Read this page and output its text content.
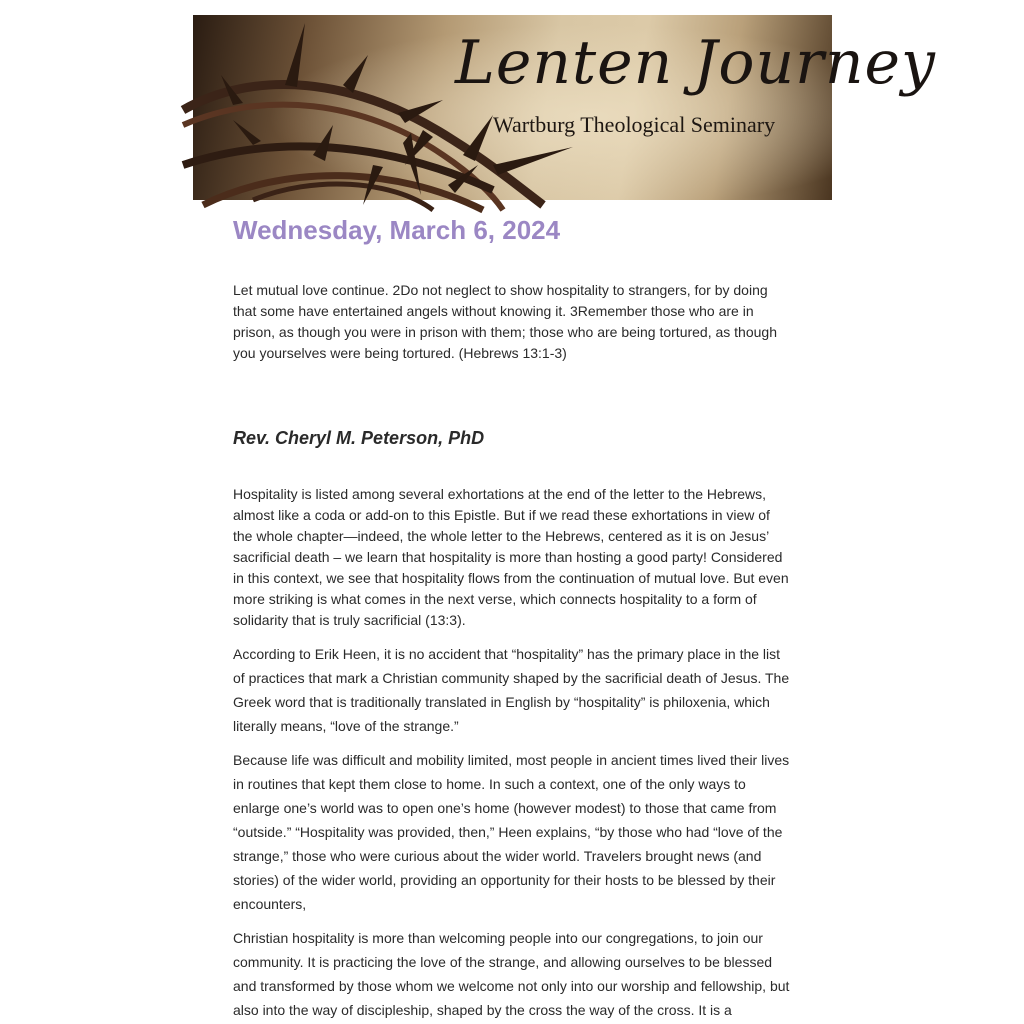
Lenten Journey
Wartburg Theological Seminary
Wednesday, March 6, 2024

Let mutual love continue. 2Do not neglect to show hospitality to strangers, for by doing that some have entertained angels without knowing it. 3Remember those who are in prison, as though you were in prison with them; those who are being tortured, as though you yourselves were being tortured. (Hebrews 13:1-3)

Rev. Cheryl M. Peterson, PhD

Hospitality is listed among several exhortations at the end of the letter to the Hebrews, almost like a coda or add-on to this Epistle. But if we read these exhortations in view of the whole chapter—indeed, the whole letter to the Hebrews, centered as it is on Jesus’ sacrificial death – we learn that hospitality is more than hosting a good party! Considered in this context, we see that hospitality flows from the continuation of mutual love. But even more striking is what comes in the next verse, which connects hospitality to a form of solidarity that is truly sacrificial (13:3).

According to Erik Heen, it is no accident that “hospitality” has the primary place in the list of practices that mark a Christian community shaped by the sacrificial death of Jesus. The Greek word that is traditionally translated in English by “hospitality” is philoxenia, which literally means, “love of the strange.”

Because life was difficult and mobility limited, most people in ancient times lived their lives in routines that kept them close to home. In such a context, one of the only ways to enlarge one’s world was to open one’s home (however modest) to those that came from “outside.” “Hospitality was provided, then,” Heen explains, “by those who had “love of the strange,” those who were curious about the wider world. Travelers brought news (and stories) of the wider world, providing an opportunity for their hosts to be blessed by their encounters,

Christian hospitality is more than welcoming people into our congregations, to join our community. It is practicing the love of the strange, and allowing ourselves to be blessed and transformed by those whom we welcome not only into our worship and fellowship, but also into the way of discipleship, shaped by the cross the way of the cross. It is a
